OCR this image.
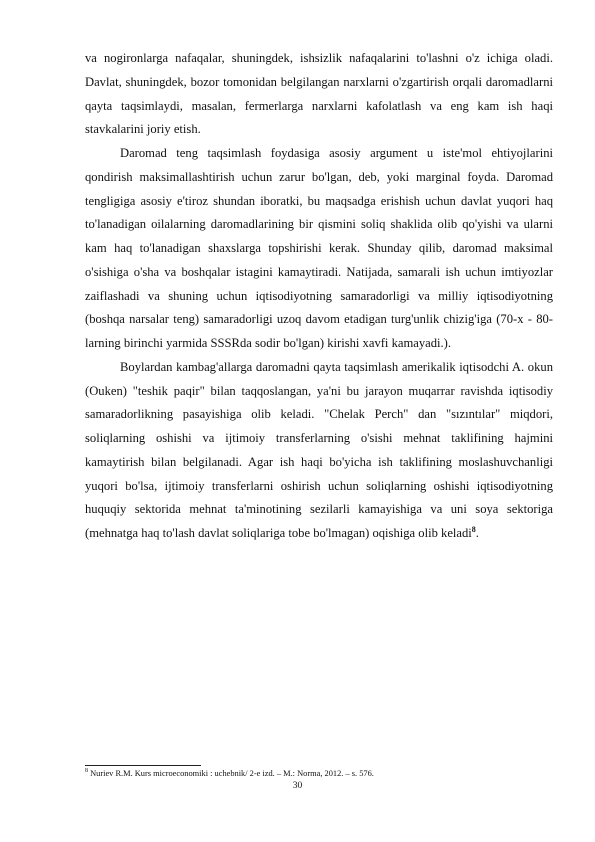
va nogironlarga nafaqalar, shuningdek, ishsizlik nafaqalarini to'lashni o'z ichiga oladi. Davlat, shuningdek, bozor tomonidan belgilangan narxlarni o'zgartirish orqali daromadlarni qayta taqsimlaydi, masalan, fermerlarga narxlarni kafolatlash va eng kam ish haqi stavkalarini joriy etish.

Daromad teng taqsimlash foydasiga asosiy argument u iste'mol ehtiyojlarini qondirish maksimallashtirish uchun zarur bo'lgan, deb, yoki marginal foyda. Daromad tengligiga asosiy e'tiroz shundan iboratki, bu maqsadga erishish uchun davlat yuqori haq to'lanadigan oilalarning daromadlarining bir qismini soliq shaklida olib qo'yishi va ularni kam haq to'lanadigan shaxslarga topshirishi kerak. Shunday qilib, daromad maksimal o'sishiga o'sha va boshqalar istagini kamaytiradi. Natijada, samarali ish uchun imtiyozlar zaiflashadi va shuning uchun iqtisodiyotning samaradorligi va milliy iqtisodiyotning (boshqa narsalar teng) samaradorligi uzoq davom etadigan turg'unlik chizig'iga (70-x - 80-larning birinchi yarmida SSSRda sodir bo'lgan) kirishi xavfi kamayadi.).

Boylardan kambag'allarga daromadni qayta taqsimlash amerikalik iqtisodchi A. okun (Ouken) "teshik paqir" bilan taqqoslangan, ya'ni bu jarayon muqarrar ravishda iqtisodiy samaradorlikning pasayishiga olib keladi. "Chelak Perch" dan "sızıntılar" miqdori, soliqlarning oshishi va ijtimoiy transferlarning o'sishi mehnat taklifining hajmini kamaytirish bilan belgilanadi. Agar ish haqi bo'yicha ish taklifining moslashuvchanligi yuqori bo'lsa, ijtimoiy transferlarni oshirish uchun soliqlarning oshishi iqtisodiyotning huquqiy sektorida mehnat ta'minotining sezilarli kamayishiga va uni soya sektoriga (mehnatga haq to'lash davlat soliqlariga tobe bo'lmagan) oqishiga olib keladi$^8$.

$^8$ Nuriev R.M. Kurs microeconomiki : uchebnik/ 2-e izd. – M.: Norma, 2012. – s. 576.

30
